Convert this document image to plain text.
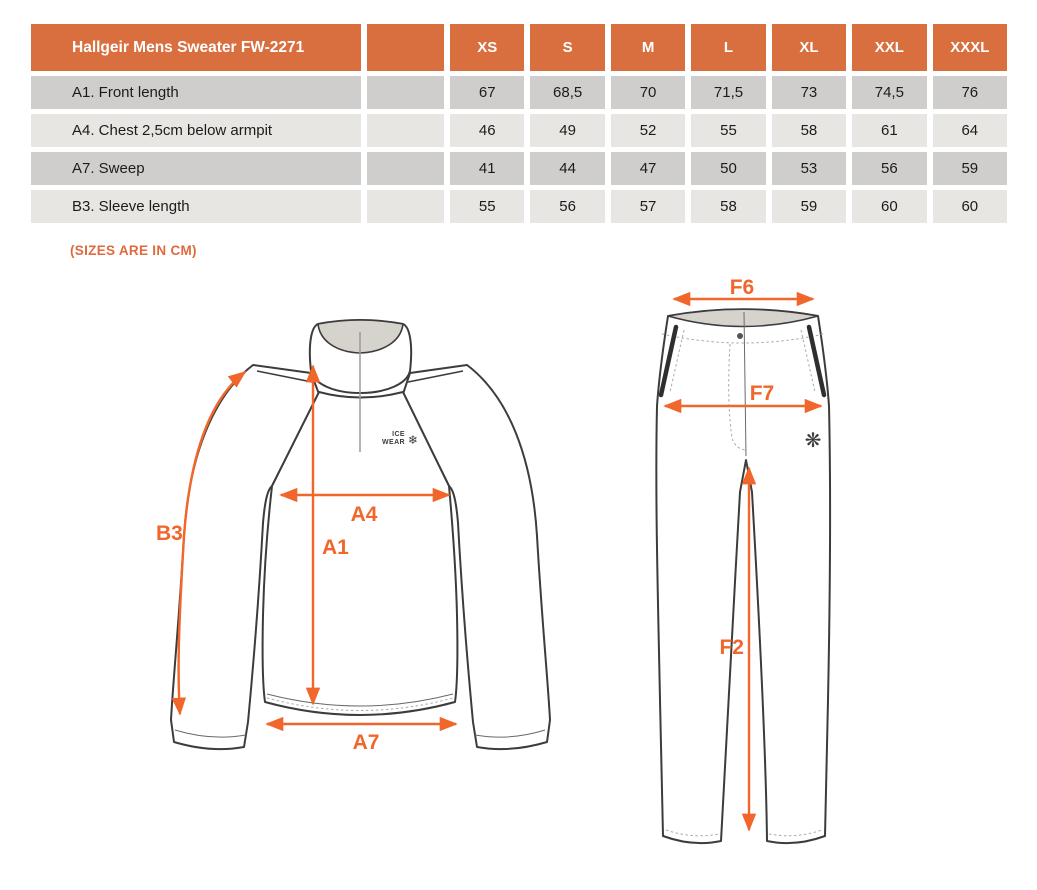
Hallgeir Mens Sweater FW-2271	XS	S	M	L	XL	XXL	XXXL
A1. Front length	67	68,5	70	71,5	73	74,5	76
A4. Chest 2,5cm below armpit	46	49	52	55	58	61	64
A7. Sweep	41	44	47	50	53	56	59
B3. Sleeve length	55	56	57	58	59	60	60
(SIZES ARE IN CM)
ICE
WEAR ❄
B3
A1
A4
A7
❋
F6
F7
F2
